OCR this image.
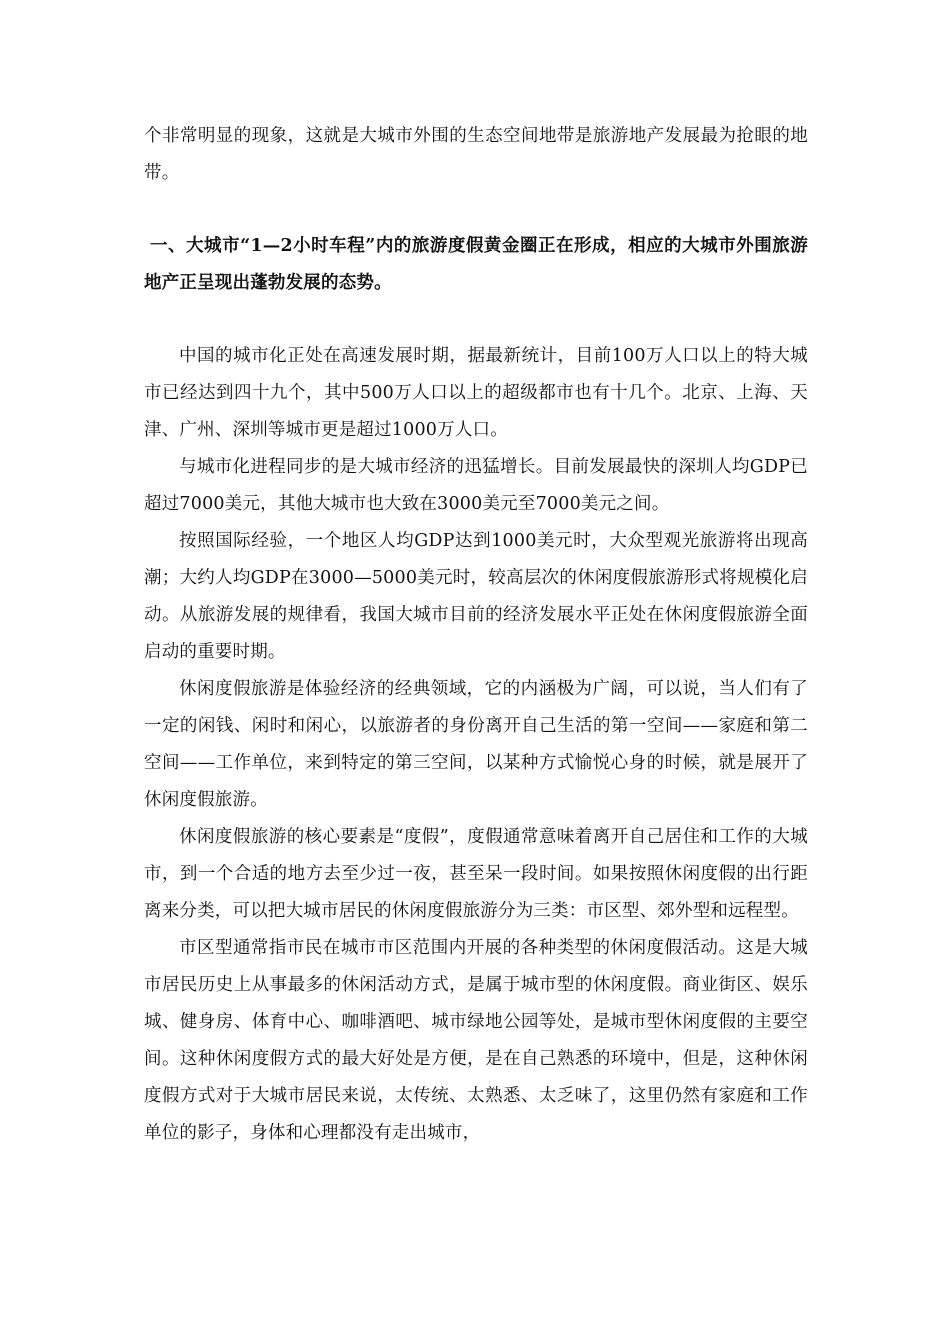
个非常明显的现象，这就是大城市外围的生态空间地带是旅游地产发展最为抢眼的地带。

一、大城市“1—2小时车程”内的旅游度假黄金圈正在形成，相应的大城市外围旅游地产正呈现出蓬勃发展的态势。

中国的城市化正处在高速发展时期，据最新统计，目前100万人口以上的特大城市已经达到四十九个，其中500万人口以上的超级都市也有十几个。北京、上海、天津、广州、深圳等城市更是超过1000万人口。

与城市化进程同步的是大城市经济的迅猛增长。目前发展最快的深圳人均GDP已超过7000美元，其他大城市也大致在3000美元至7000美元之间。

按照国际经验，一个地区人均GDP达到1000美元时，大众型观光旅游将出现高潮；大约人均GDP在3000—5000美元时，较高层次的休闲度假旅游形式将规模化启动。从旅游发展的规律看，我国大城市目前的经济发展水平正处在休闲度假旅游全面启动的重要时期。

休闲度假旅游是体验经济的经典领域，它的内涵极为广阔，可以说，当人们有了一定的闲钱、闲时和闲心，以旅游者的身份离开自己生活的第一空间——家庭和第二空间——工作单位，来到特定的第三空间，以某种方式愉悦心身的时候，就是展开了休闲度假旅游。

休闲度假旅游的核心要素是“度假”，度假通常意味着离开自己居住和工作的大城市，到一个合适的地方去至少过一夜，甚至呆一段时间。如果按照休闲度假的出行距离来分类，可以把大城市居民的休闲度假旅游分为三类：市区型、郊外型和远程型。

市区型通常指市民在城市市区范围内开展的各种类型的休闲度假活动。这是大城市居民历史上从事最多的休闲活动方式，是属于城市型的休闲度假。商业街区、娱乐城、健身房、体育中心、咖啡酒吧、城市绿地公园等处，是城市型休闲度假的主要空间。这种休闲度假方式的最大好处是方便，是在自己熟悉的环境中，但是，这种休闲度假方式对于大城市居民来说，太传统、太熟悉、太乏味了，这里仍然有家庭和工作单位的影子，身体和心理都没有走出城市，
